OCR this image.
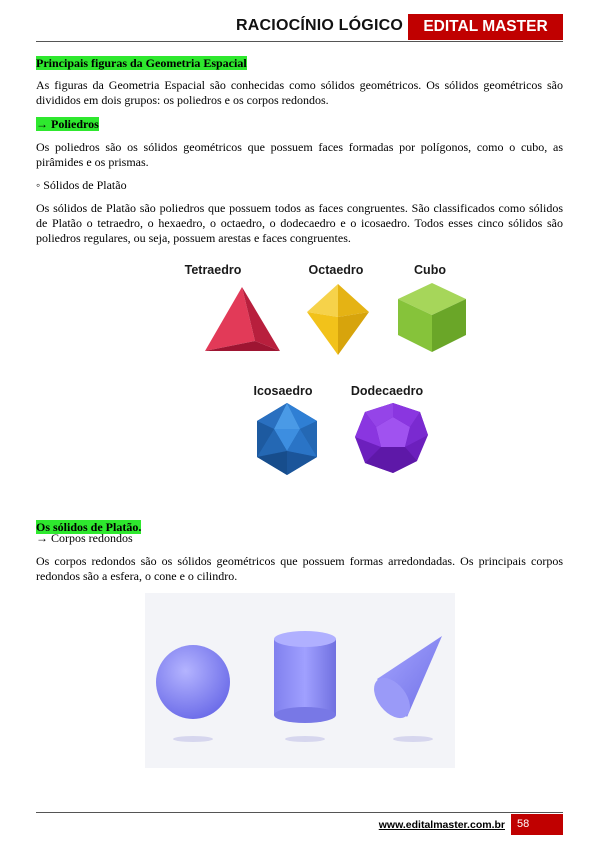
RACIOCÍNIO LÓGICO	EDITAL MASTER

Principais figuras da Geometria Espacial

As figuras da Geometria Espacial são conhecidas como sólidos geométricos. Os sólidos geométricos são divididos em dois grupos: os poliedros e os corpos redondos.

→ Poliedros

Os poliedros são os sólidos geométricos que possuem faces formadas por polígonos, como o cubo, as pirâmides e os prismas.

◦ Sólidos de Platão

Os sólidos de Platão são poliedros que possuem todos as faces congruentes. São classificados como sólidos de Platão o tetraedro, o hexaedro, o octaedro, o dodecaedro e o icosaedro. Todos esses cinco sólidos são poliedros regulares, ou seja, possuem arestas e faces congruentes.

Tetraedro	Octaedro	Cubo
Icosaedro	Dodecaedro

Os sólidos de Platão.

→ Corpos redondos

Os corpos redondos são os sólidos geométricos que possuem formas arredondadas. Os principais corpos redondos são a esfera, o cone e o cilindro.

www.editalmaster.com.br	58
